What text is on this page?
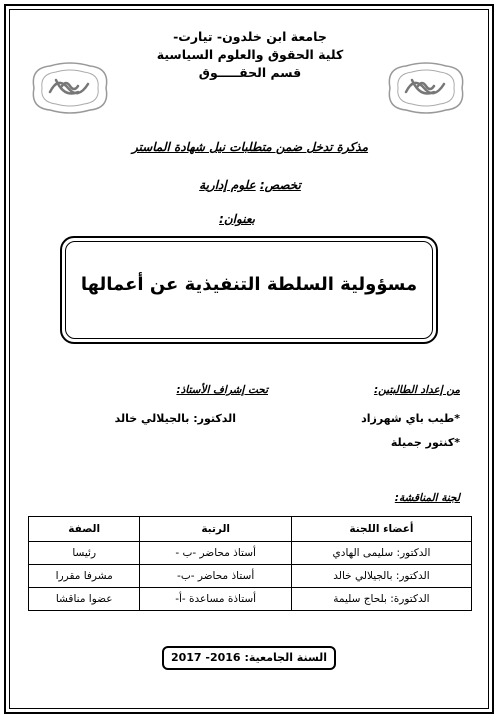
جامعة ابن خلدون- تيارت-
كلية الحقوق والعلوم السياسية
قسم الحقـــــوق
مذكرة تدخل ضمن متطلبات نيل شهادة الماستر
تخصص: علوم إدارية
بعنوان:
مسؤولية السلطة التنفيذية عن أعمالها
من إعداد الطالبتين:
*طيب باي شهرزاد
*كنتور جميلة
تحت إشراف الأستاذ:
الدكتور: بالجيلالي خالد
لجنة المناقشة:
أعضاء اللجنة	الرتبة	الصفة
الدكتور: سليمى الهادي	أستاذ محاضر -ب -	رئيسا
الدكتور: بالجيلالي خالد	أستاذ محاضر -ب-	مشرفا مقررا
الدكتورة: بلحاج سليمة	أستاذة مساعدة -أ-	عضوا مناقشا
السنة الجامعية: 2016- 2017
